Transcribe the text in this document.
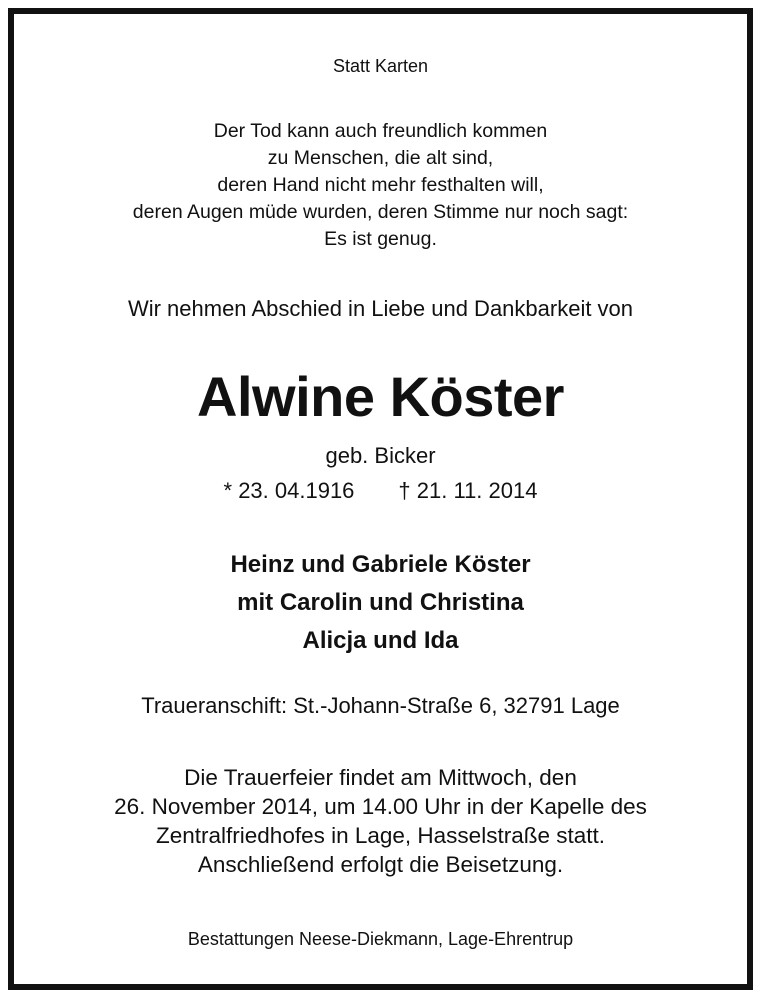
Statt Karten
Der Tod kann auch freundlich kommen
zu Menschen, die alt sind,
deren Hand nicht mehr festhalten will,
deren Augen müde wurden, deren Stimme nur noch sagt:
Es ist genug.
Wir nehmen Abschied in Liebe und Dankbarkeit von
Alwine Köster
geb. Bicker
* 23. 04.1916 † 21. 11. 2014
Heinz und Gabriele Köster
mit Carolin und Christina
Alicja und Ida
Traueranschift: St.-Johann-Straße 6, 32791 Lage
Die Trauerfeier findet am Mittwoch, den
26. November 2014, um 14.00 Uhr in der Kapelle des
Zentralfriedhofes in Lage, Hasselstraße statt.
Anschließend erfolgt die Beisetzung.
Bestattungen Neese-Diekmann, Lage-Ehrentrup
